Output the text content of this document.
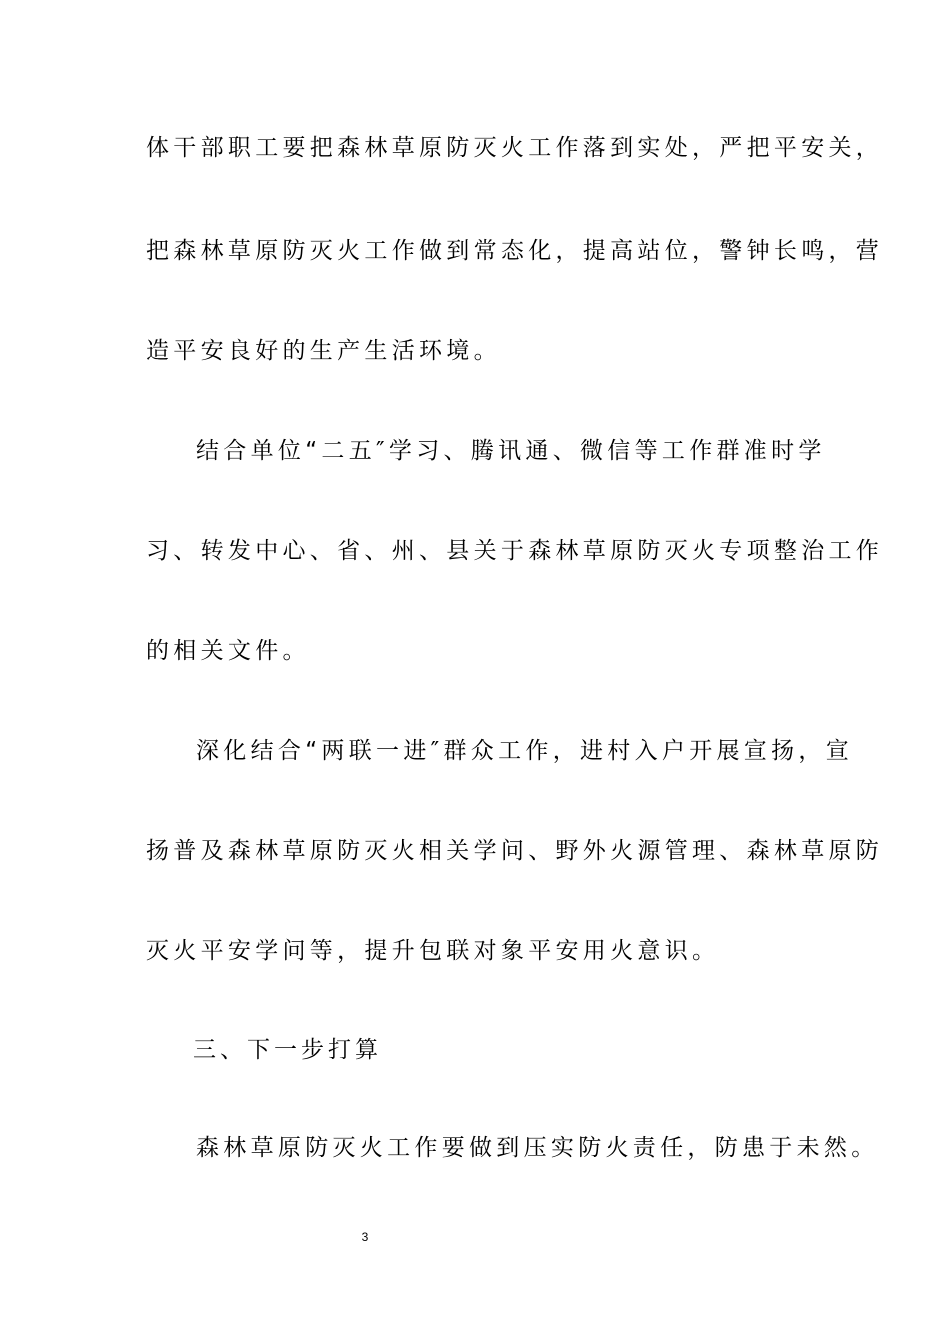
体干部职工要把森林草原防灭火工作落到实处，严把平安关，
把森林草原防灭火工作做到常态化，提高站位，警钟长鸣，营
造平安良好的生产生活环境。
结合单位“二五″学习、腾讯通、微信等工作群准时学
习、转发中心、省、州、县关于森林草原防灭火专项整治工作
的相关文件。
深化结合“两联一进″群众工作，进村入户开展宣扬，宣
扬普及森林草原防灭火相关学问、野外火源管理、森林草原防
灭火平安学问等，提升包联对象平安用火意识。
三、下一步打算
森林草原防灭火工作要做到压实防火责任，防患于未然。
3
